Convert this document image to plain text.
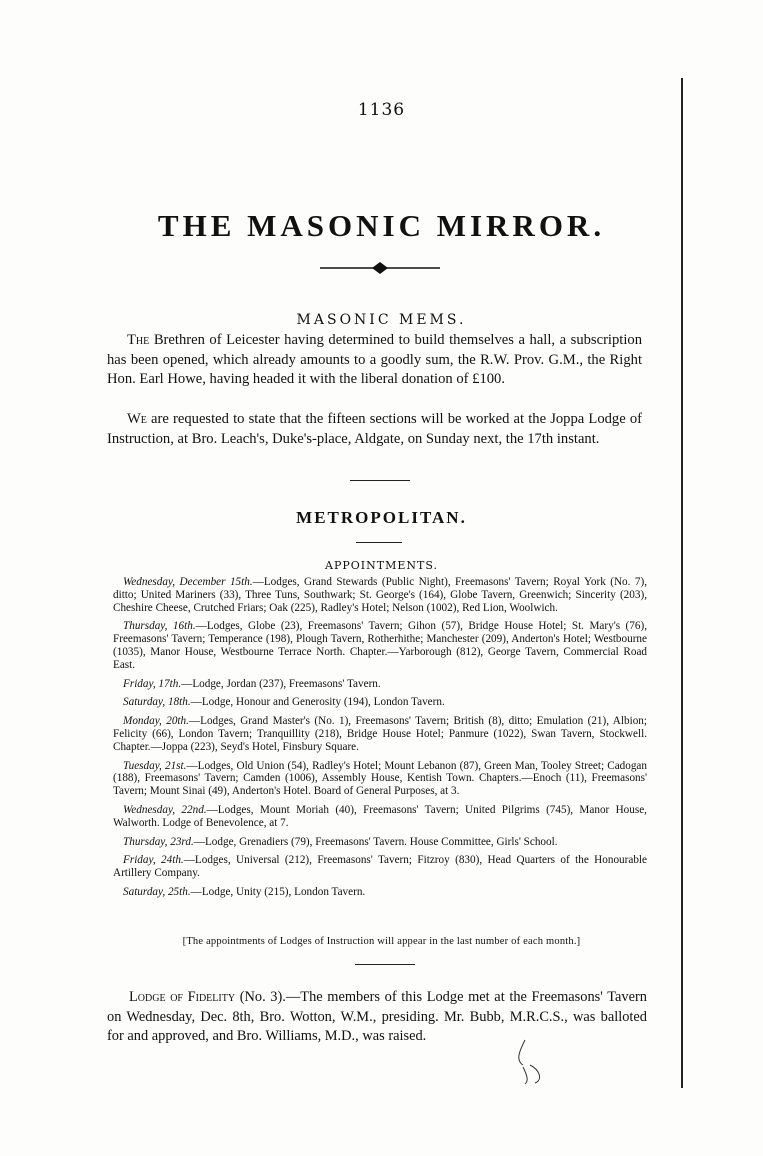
1136
THE MASONIC MIRROR.
MASONIC MEMS.
The Brethren of Leicester having determined to build themselves a hall, a subscription has been opened, which already amounts to a goodly sum, the R.W. Prov. G.M., the Right Hon. Earl Howe, having headed it with the liberal donation of £100.
We are requested to state that the fifteen sections will be worked at the Joppa Lodge of Instruction, at Bro. Leach's, Duke's-place, Aldgate, on Sunday next, the 17th instant.
METROPOLITAN.
APPOINTMENTS.

Wednesday, December 15th.—Lodges, Grand Stewards (Public Night), Freemasons' Tavern; Royal York (No. 7), ditto; United Mariners (33), Three Tuns, Southwark; St. George's (164), Globe Tavern, Greenwich; Sincerity (203), Cheshire Cheese, Crutched Friars; Oak (225), Radley's Hotel; Nelson (1002), Red Lion, Woolwich.

Thursday, 16th.—Lodges, Globe (23), Freemasons' Tavern; Gihon (57), Bridge House Hotel; St. Mary's (76), Freemasons' Tavern; Temperance (198), Plough Tavern, Rotherhithe; Manchester (209), Anderton's Hotel; Westbourne (1035), Manor House, Westbourne Terrace North. Chapter.—Yarborough (812), George Tavern, Commercial Road East.

Friday, 17th.—Lodge, Jordan (237), Freemasons' Tavern.

Saturday, 18th.—Lodge, Honour and Generosity (194), London Tavern.

Monday, 20th.—Lodges, Grand Master's (No. 1), Freemasons' Tavern; British (8), ditto; Emulation (21), Albion; Felicity (66), London Tavern; Tranquillity (218), Bridge House Hotel; Panmure (1022), Swan Tavern, Stockwell. Chapter.—Joppa (223), Seyd's Hotel, Finsbury Square.

Tuesday, 21st.—Lodges, Old Union (54), Radley's Hotel; Mount Lebanon (87), Green Man, Tooley Street; Cadogan (188), Freemasons' Tavern; Camden (1006), Assembly House, Kentish Town. Chapters.—Enoch (11), Freemasons' Tavern; Mount Sinai (49), Anderton's Hotel. Board of General Purposes, at 3.

Wednesday, 22nd.—Lodges, Mount Moriah (40), Freemasons' Tavern; United Pilgrims (745), Manor House, Walworth. Lodge of Benevolence, at 7.

Thursday, 23rd.—Lodge, Grenadiers (79), Freemasons' Tavern. House Committee, Girls' School.

Friday, 24th.—Lodges, Universal (212), Freemasons' Tavern; Fitzroy (830), Head Quarters of the Honourable Artillery Company.

Saturday, 25th.—Lodge, Unity (215), London Tavern.

[The appointments of Lodges of Instruction will appear in the last number of each month.]
Lodge of Fidelity (No. 3).—The members of this Lodge met at the Freemasons' Tavern on Wednesday, Dec. 8th, Bro. Wotton, W.M., presiding. Mr. Bubb, M.R.C.S., was balloted for and approved, and Bro. Williams, M.D., was raised.
